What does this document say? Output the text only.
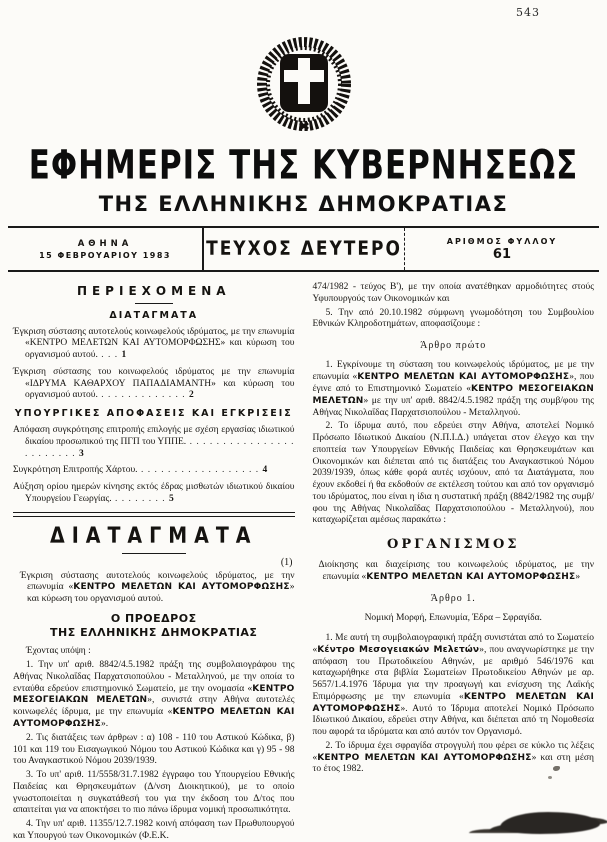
543
ΕΦΗΜΕΡΙΣ ΤΗΣ ΚΥΒΕΡΝΗΣΕΩΣ
ΤΗΣ ΕΛΛΗΝΙΚΗΣ ΔΗΜΟΚΡΑΤΙΑΣ
ΑΘΗΝΑ
15 ΦΕΒΡΟΥΑΡΙΟΥ 1983 ΤΕΥΧΟΣ ΔΕΥΤΕΡΟ	ΑΡΙΘΜΟΣ ΦΥΛΛΟΥ
61
ΠΕΡΙΕΧΟΜΕΝΑ
ΔΙΑΤΑΓΜΑΤΑ
Έγκριση σύστασης αυτοτελούς κοινωφελούς ιδρύματος, με την επωνυμία «ΚΕΝΤΡΟ ΜΕΛΕΤΩΝ ΚΑΙ ΑΥΤΟΜΟΡΦΩΣΗΣ» και κύρωση του οργανισμού αυτού. . . . 1
Έγκριση σύστασης του κοινωφελούς ιδρύματος με την επωνυμία «ΙΔΡΥΜΑ ΚΑΘΑΡΧΟΥ ΠΑΠΑΔΙΑΜΑΝΤΗ» και κύρωση του οργανισμού αυτού. . . . . . . . . . . . . . 2
ΥΠΟΥΡΓΙΚΕΣ ΑΠΟΦΑΣΕΙΣ ΚΑΙ ΕΓΚΡΙΣΕΙΣ
Απόφαση συγκρότησης επιτροπής επιλογής με σχέση εργασίας ιδιωτικού δικαίου προσωπικού της ΠΓΠ του ΥΠΠΕ. . . . . . . . . . . . . . . . . . . . . . . . . 3
Συγκρότηση Επιτροπής Χάρτου. . . . . . . . . . . . . . . . . . . 4
Αύξηση ορίου ημερών κίνησης εκτός έδρας μισθωτών ιδιωτικού δικαίου Υπουργείου Γεωργίας. . . . . . . . . 5
ΔΙΑΤΑΓΜΑΤΑ
(1)
Έγκριση σύστασης αυτοτελούς κοινωφελούς ιδρύματος, με την επωνυμία «ΚΕΝΤΡΟ ΜΕΛΕΤΩΝ ΚΑΙ ΑΥΤΟΜΟΡΦΩΣΗΣ» και κύρωση του οργανισμού αυτού.
Ο ΠΡΟΕΔΡΟΣ
ΤΗΣ ΕΛΛΗΝΙΚΗΣ ΔΗΜΟΚΡΑΤΙΑΣ

Έχοντας υπόψη :

1. Την υπ' αριθ. 8842/4.5.1982 πράξη της συμβολαιογράφου της Αθήνας Νικολαΐδας Παρχατσιοπούλου - Μεταλληνού, με την οποία το ενταύθα εδρεύον επιστημονικό Σωματείο, με την ονομασία «ΚΕΝΤΡΟ ΜΕΣΟΓΕΙΑΚΩΝ ΜΕΛΕΤΩΝ», συνιστά στην Αθήνα αυτοτελές κοινωφελές ίδρυμα, με την επωνυμία «ΚΕΝΤΡΟ ΜΕΛΕΤΩΝ ΚΑΙ ΑΥΤΟΜΟΡΦΩΣΗΣ».

2. Τις διατάξεις των άρθρων : α) 108 - 110 του Αστικού Κώδικα, β) 101 και 119 του Εισαγωγικού Νόμου του Αστικού Κώδικα και γ) 95 - 98 του Αναγκαστικού Νόμου 2039/1939.

3. Το υπ' αριθ. 11/5558/31.7.1982 έγγραφο του Υπουργείου Εθνικής Παιδείας και Θρησκευμάτων (Δ/νση Διοικητικού), με το οποίο γνωστοποιείται η συγκατάθεσή του για την έκδοση του Δ/τος που απαιτείται για να αποκτήσει το πιο πάνω ίδρυμα νομική προσωπικότητα.

4. Την υπ' αριθ. 11355/12.7.1982 κοινή απόφαση των Πρωθυπουργού και Υπουργού των Οικονομικών (Φ.Ε.Κ.

474/1982 - τεύχος Β'), με την οποία ανατέθηκαν αρμοδιότητες στούς Υφυπουργούς των Οικονομικών και

5. Την από 20.10.1982 σύμφωνη γνωμοδότηση του Συμβουλίου Εθνικών Κληροδοτημάτων, αποφασίζουμε :

Άρθρο πρώτο

1. Εγκρίνουμε τη σύσταση του κοινωφελούς ιδρύματος, με με την επωνυμία «ΚΕΝΤΡΟ ΜΕΛΕΤΩΝ ΚΑΙ ΑΥΤΟΜΟΡΦΩΣΗΣ», που έγινε από το Επιστημονικό Σωματείο «ΚΕΝΤΡΟ ΜΕΣΟΓΕΙΑΚΩΝ ΜΕΛΕΤΩΝ» με την υπ' αριθ. 8842/4.5.1982 πράξη της συμβ/φου της Αθήνας Νικολαΐδας Παρχατσιοπούλου - Μεταλληνού.

2. Το ίδρυμα αυτό, που εδρεύει στην Αθήνα, αποτελεί Νομικό Πρόσωπο Ιδιωτικού Δικαίου (Ν.Π.Ι.Δ.) υπάγεται στον έλεγχο και την εποπτεία των Υπουργείων Εθνικής Παιδείας και Θρησκευμάτων και Οικονομικών και διέπεται από τις διατάξεις του Αναγκαστικού Νόμου 2039/1939, όπως κάθε φορά αυτές ισχύουν, από τα Διατάγματα, που έχουν εκδοθεί ή θα εκδοθούν σε εκτέλεση τούτου και από τον οργανισμό του ιδρύματος, που είναι η ίδια η συστατική πράξη (8842/1982 της συμβ/φου της Αθήνας Νικολαΐδας Παρχατσιοπούλου - Μεταλληνού), που καταχωρίζεται αμέσως παρακάτω :

ΟΡΓΑΝΙΣΜΟΣ
Διοίκησης και διαχείρισης του κοινωφελούς ιδρύματος, με την επωνυμία «ΚΕΝΤΡΟ ΜΕΛΕΤΩΝ ΚΑΙ ΑΥΤΟΜΟΡΦΩΣΗΣ»
Άρθρο 1.
Νομική Μορφή, Επωνυμία, Έδρα – Σφραγίδα.

1. Με αυτή τη συμβολαιογραφική πράξη συνιστάται από το Σωματείο «Κέντρο Μεσογειακών Μελετών», που αναγνωρίστηκε με την απόφαση του Πρωτοδικείου Αθηνών, με αριθμό 546/1976 και καταχωρήθηκε στα βιβλία Σωματείων Πρωτοδικείου Αθηνών με αρ. 5657/1.4.1976 Ίδρυμα για την προαγωγή και ενίσχυση της Λαϊκής Επιμόρφωσης με την επωνυμία «ΚΕΝΤΡΟ ΜΕΛΕΤΩΝ ΚΑΙ ΑΥΤΟΜΟΡΦΩΣΗΣ». Αυτό το Ίδρυμα αποτελεί Νομικό Πρόσωπο Ιδιωτικού Δικαίου, εδρεύει στην Αθήνα, και διέπεται από τη Νομοθεσία που αφορά τα ιδρύματα και από αυτόν τον Οργανισμό.

2. Το ίδρυμα έχει σφραγίδα στρογγυλή που φέρει σε κύκλο τις λέξεις «ΚΕΝΤΡΟ ΜΕΛΕΤΩΝ ΚΑΙ ΑΥΤΟΜΟΡΦΩΣΗΣ» και στη μέση το έτος 1982.
